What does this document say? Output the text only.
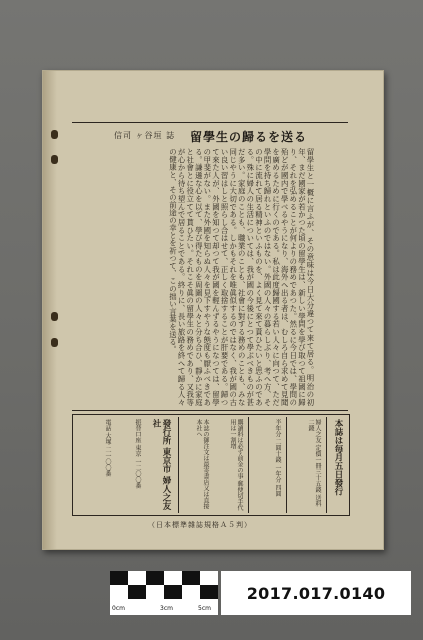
留學生の歸るを送る
信司 ヶ谷垣 誌
留學生と一概に言ふが、その意味は今日大分違つて來て居る。明治の初年、まだ國家が若かつた頃の留學生は、新しい學問を學び取つて祖國に歸り、それを弘めることが何よりの務めであつた。然るに今日では、學問の殆どが國内で學べるやうになり、海外へ出る者は、むしろ自ら求めて見聞を廣めるために行くのである。私は此度歸國する若い人々に向つて、ただ學問を持ち歸れといふのではない。外國の人々の暮らしぶり、考へ方、その中に流れて居る精神といふものを、よく見て來て貰ひたいと思ふのである。殊に婦人の生活については、我が國の今後にとつて學ぶべきものが甚だ多い。家庭のことも、職業のことも、社會に對する務めのことも、みな同じやうに大切である。しかもそれを唯眞似するのではなく、我が國の古い良い習はしと照らし合はせて、正しく取捨することが肝要である。歸つて來た人が、外國を知つて却つて我が國を輕んずるやうになつては、留學の甲斐がない。また外國を知らぬ人々を見下すやうな態度も厭ふべきである。謙遜な心を以て、學び得たものを周圍の人々と分ち合ひ、靜かに家庭と社會とに役立てて貰ひたい。それこそ眞の留學生の務めであり、又我等が心から待ち望んで居ることである。終りに、長い旅路を終へて歸る人々の健康と、その前途の幸とを祈つて、この拙い言葉を送る。
本誌は毎月五日發行
婦人之友 定價一冊三十五錢 送料二錢
半年分 二圓十錢 一年分 四圓
購讀料は必ず前金の事 郵便切手代用は一割増
本誌の御注文は最寄書店又は直接本社へ
發行所 東京市 婦人之友社
振替口座 東京 一二〇〇番
電話 大塚 二一〇〇番
（日本標準雜誌規格Ａ５判）
0cm	3cm	5cm
2017.017.0140
